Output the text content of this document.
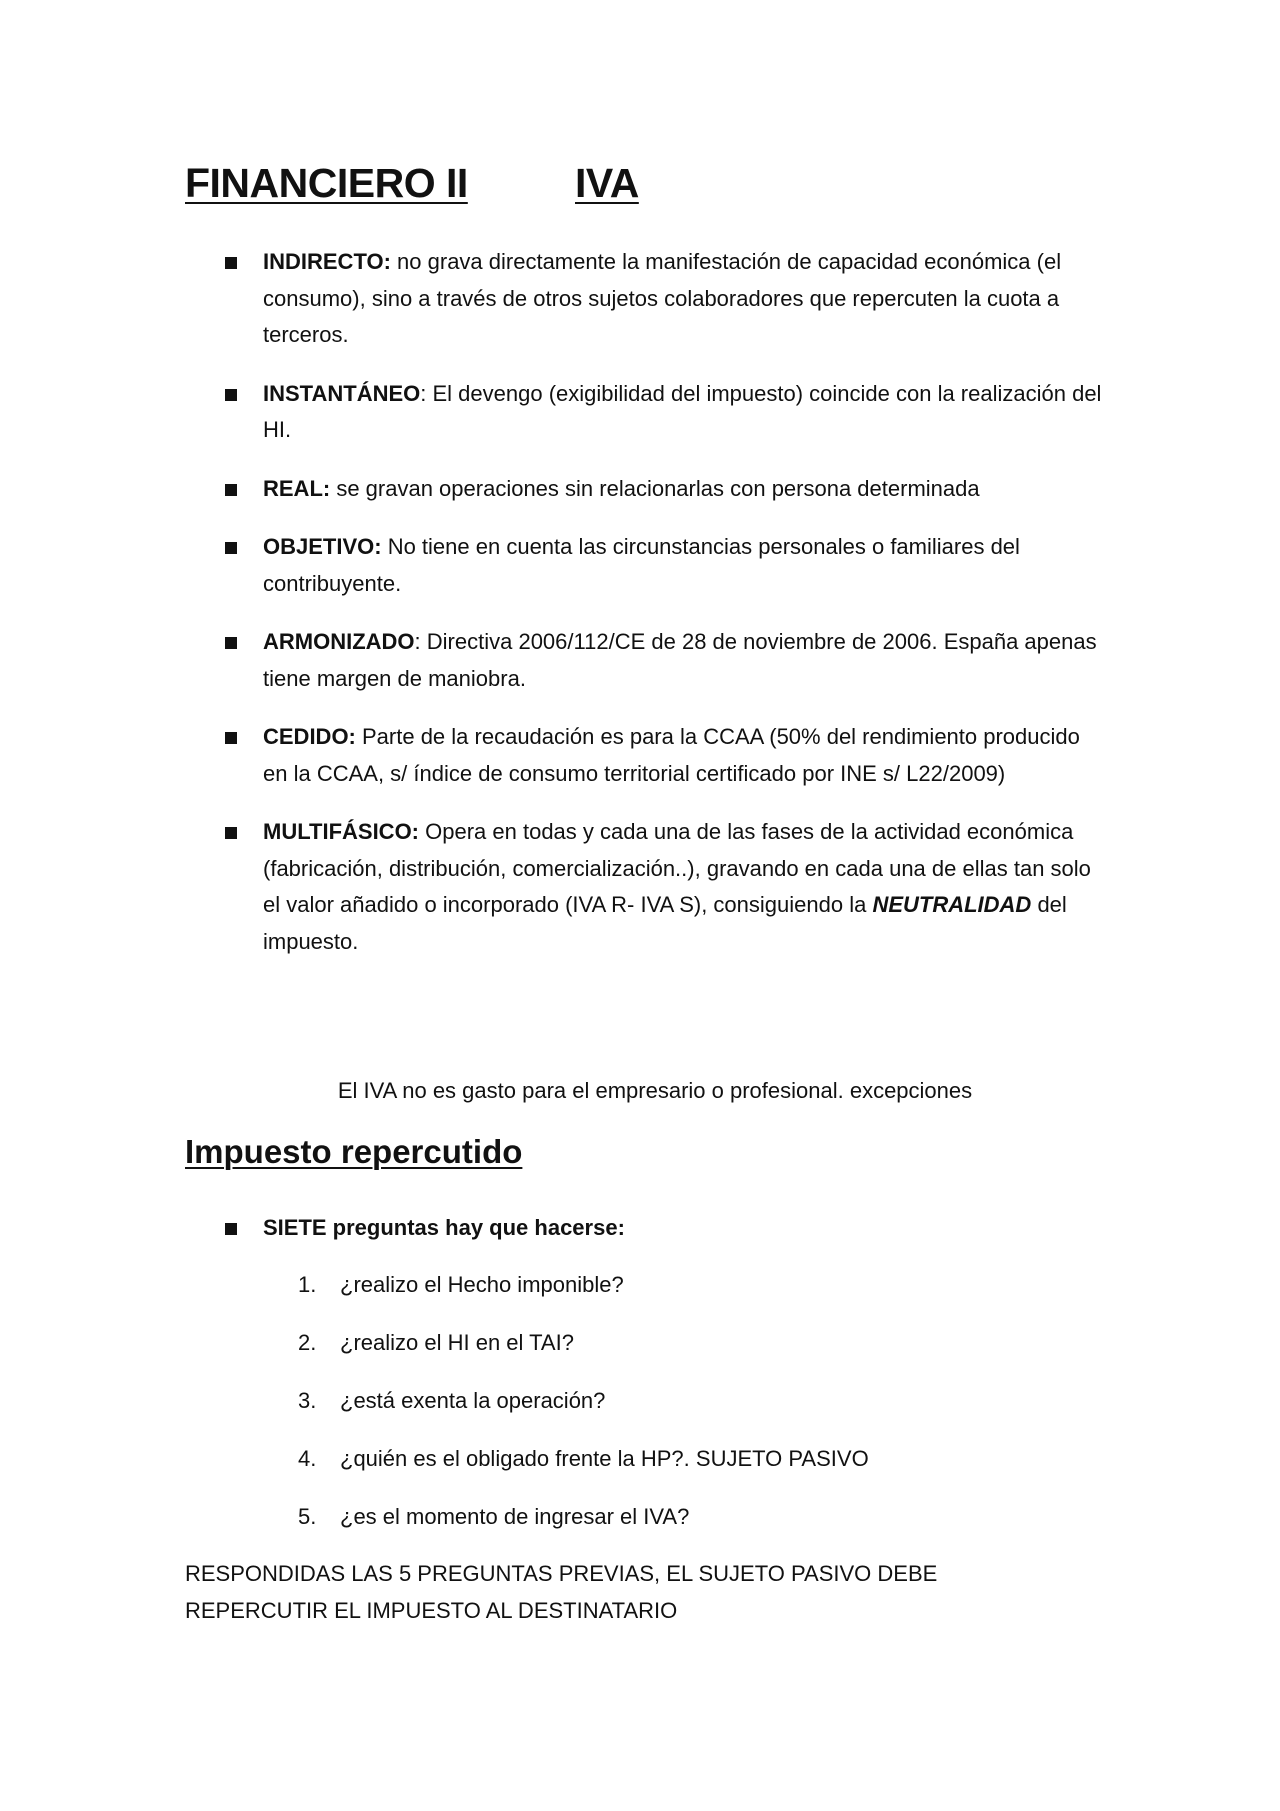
FINANCIERO II	IVA
INDIRECTO: no grava directamente la manifestación de capacidad económica (el consumo), sino a través de otros sujetos colaboradores que repercuten la cuota a terceros.
INSTANTÁNEO: El devengo (exigibilidad del impuesto) coincide con la realización del HI.
REAL: se gravan operaciones sin relacionarlas con persona determinada
OBJETIVO: No tiene en cuenta las circunstancias personales o familiares del contribuyente.
ARMONIZADO: Directiva 2006/112/CE de 28 de noviembre de 2006. España apenas tiene margen de maniobra.
CEDIDO: Parte de la recaudación es para la CCAA (50% del rendimiento producido en la CCAA, s/ índice de consumo territorial certificado por INE s/ L22/2009)
MULTIFÁSICO: Opera en todas y cada una de las fases de la actividad económica (fabricación, distribución, comercialización..), gravando en cada una de ellas tan solo el valor añadido o incorporado (IVA R- IVA S), consiguiendo la NEUTRALIDAD del impuesto.
El IVA no es gasto para el empresario o profesional. excepciones
Impuesto repercutido
SIETE preguntas hay que hacerse:
1. ¿realizo el Hecho imponible?
2. ¿realizo el HI en el TAI?
3. ¿está exenta la operación?
4. ¿quién es el obligado frente la HP?. SUJETO PASIVO
5. ¿es el momento de ingresar el IVA?
RESPONDIDAS LAS 5 PREGUNTAS PREVIAS, EL SUJETO PASIVO DEBE REPERCUTIR EL IMPUESTO AL DESTINATARIO
